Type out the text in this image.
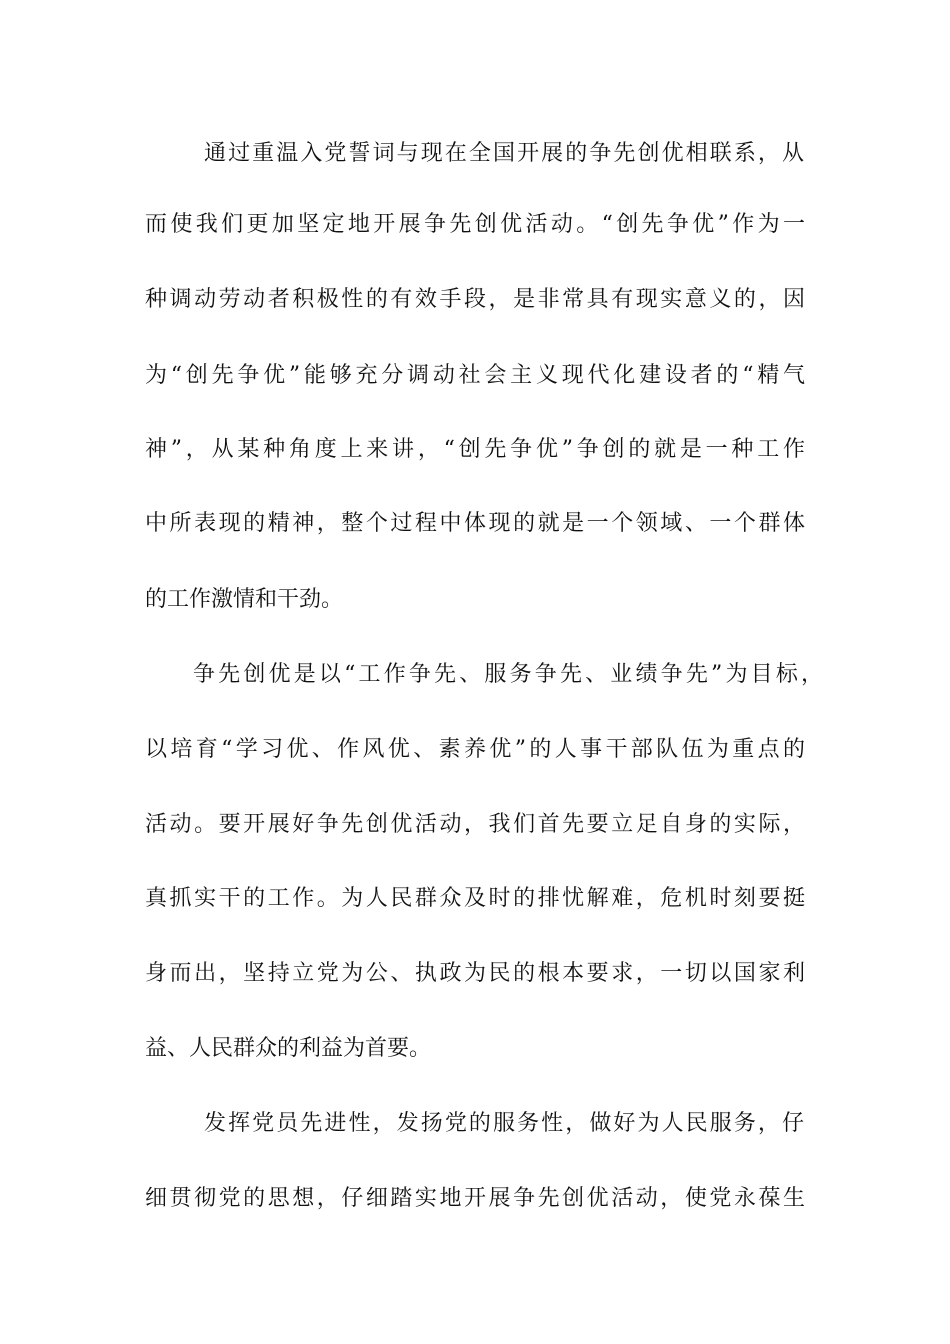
通过重温入党誓词与现在全国开展的争先创优相联系，从
而使我们更加坚定地开展争先创优活动。“创先争优”作为一
种调动劳动者积极性的有效手段，是非常具有现实意义的，因
为“创先争优”能够充分调动社会主义现代化建设者的“精气
神”，从某种角度上来讲，“创先争优”争创的就是一种工作
中所表现的精神，整个过程中体现的就是一个领域、一个群体
的工作激情和干劲。
争先创优是以“工作争先、服务争先、业绩争先”为目标，
以培育“学习优、作风优、素养优”的人事干部队伍为重点的
活动。要开展好争先创优活动，我们首先要立足自身的实际，
真抓实干的工作。为人民群众及时的排忧解难，危机时刻要挺
身而出，坚持立党为公、执政为民的根本要求，一切以国家利
益、人民群众的利益为首要。
发挥党员先进性，发扬党的服务性，做好为人民服务，仔
细贯彻党的思想，仔细踏实地开展争先创优活动，使党永葆生
